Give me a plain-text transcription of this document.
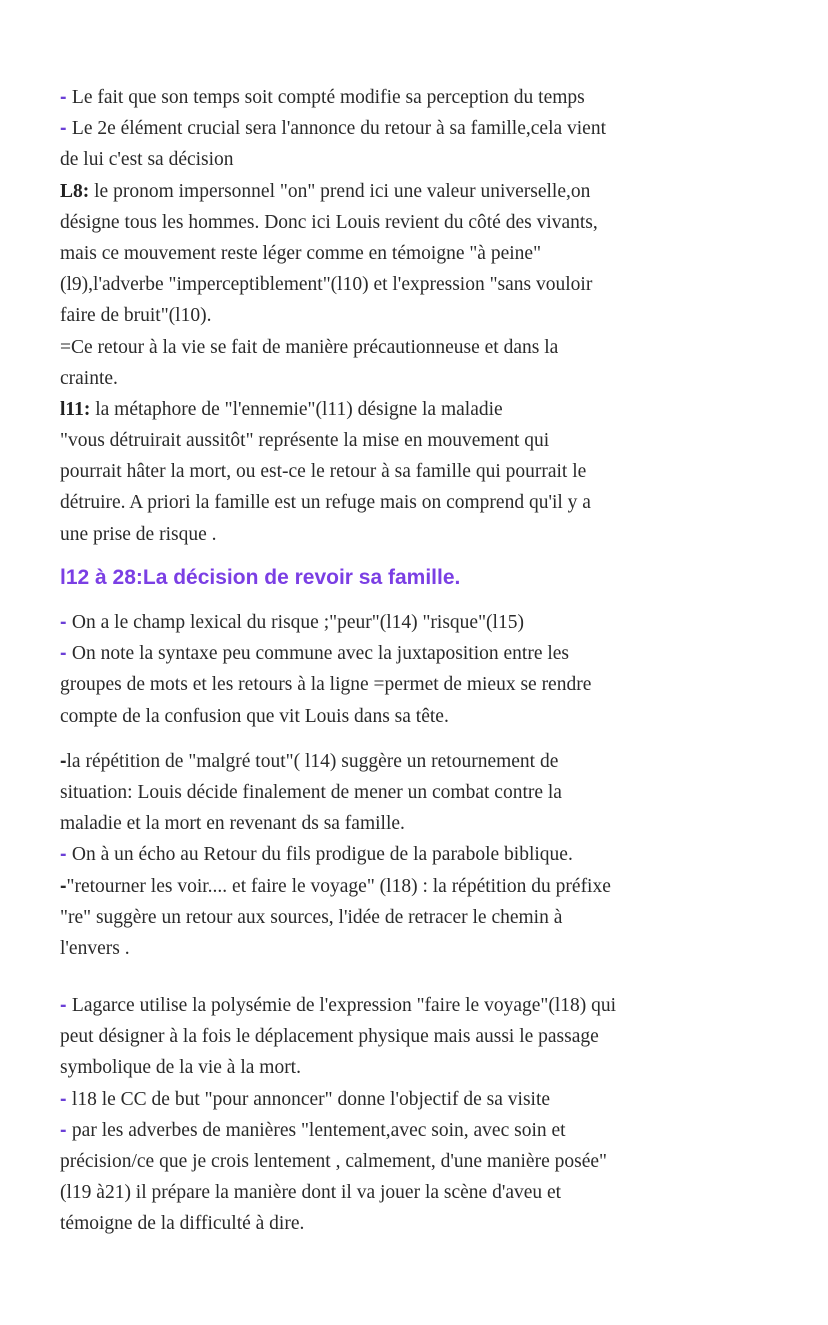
- Le fait que son temps soit compté modifie sa perception du temps
- Le 2e élément crucial sera l'annonce du retour à sa famille,cela vient
de lui c'est sa décision
L8: le pronom impersonnel "on" prend ici une valeur universelle,on
désigne tous les hommes. Donc ici Louis revient du côté des vivants,
mais ce mouvement reste léger comme en témoigne "à peine"
(l9),l'adverbe "imperceptiblement"(l10) et l'expression "sans vouloir
faire de bruit"(l10).
=Ce retour à la vie se fait de manière précautionneuse et dans la
crainte.
l11: la métaphore de "l'ennemie"(l11) désigne la maladie
"vous détruirait aussitôt" représente la mise en mouvement qui
pourrait hâter la mort, ou est-ce le retour à sa famille qui pourrait le
détruire. A priori la famille est un refuge mais on comprend qu'il y a
une prise de risque .
l12 à 28:La décision de revoir sa famille.
- On a le champ lexical du risque ;"peur"(l14) "risque"(l15)
- On note la syntaxe peu commune avec la juxtaposition entre les
groupes de mots et les retours à la ligne =permet de mieux se rendre
compte de la confusion que vit Louis dans sa tête.
-la répétition de "malgré tout"( l14) suggère un retournement de
situation: Louis décide finalement de mener un combat contre la
maladie et la mort en revenant ds sa famille.
- On à un écho au Retour du fils prodigue de la parabole biblique.
-"retourner les voir.... et faire le voyage" (l18) : la répétition du préfixe
"re" suggère un retour aux sources, l'idée de retracer le chemin à
l'envers .
- Lagarce utilise la polysémie de l'expression "faire le voyage"(l18) qui
peut désigner à la fois le déplacement physique mais aussi le passage
symbolique de la vie à la mort.
- l18 le CC de but "pour annoncer" donne l'objectif de sa visite
- par les adverbes de manières "lentement,avec soin, avec soin et
précision/ce que je crois lentement , calmement, d'une manière posée"
(l19 à21) il prépare la manière dont il va jouer la scène d'aveu et
témoigne de la difficulté à dire.
